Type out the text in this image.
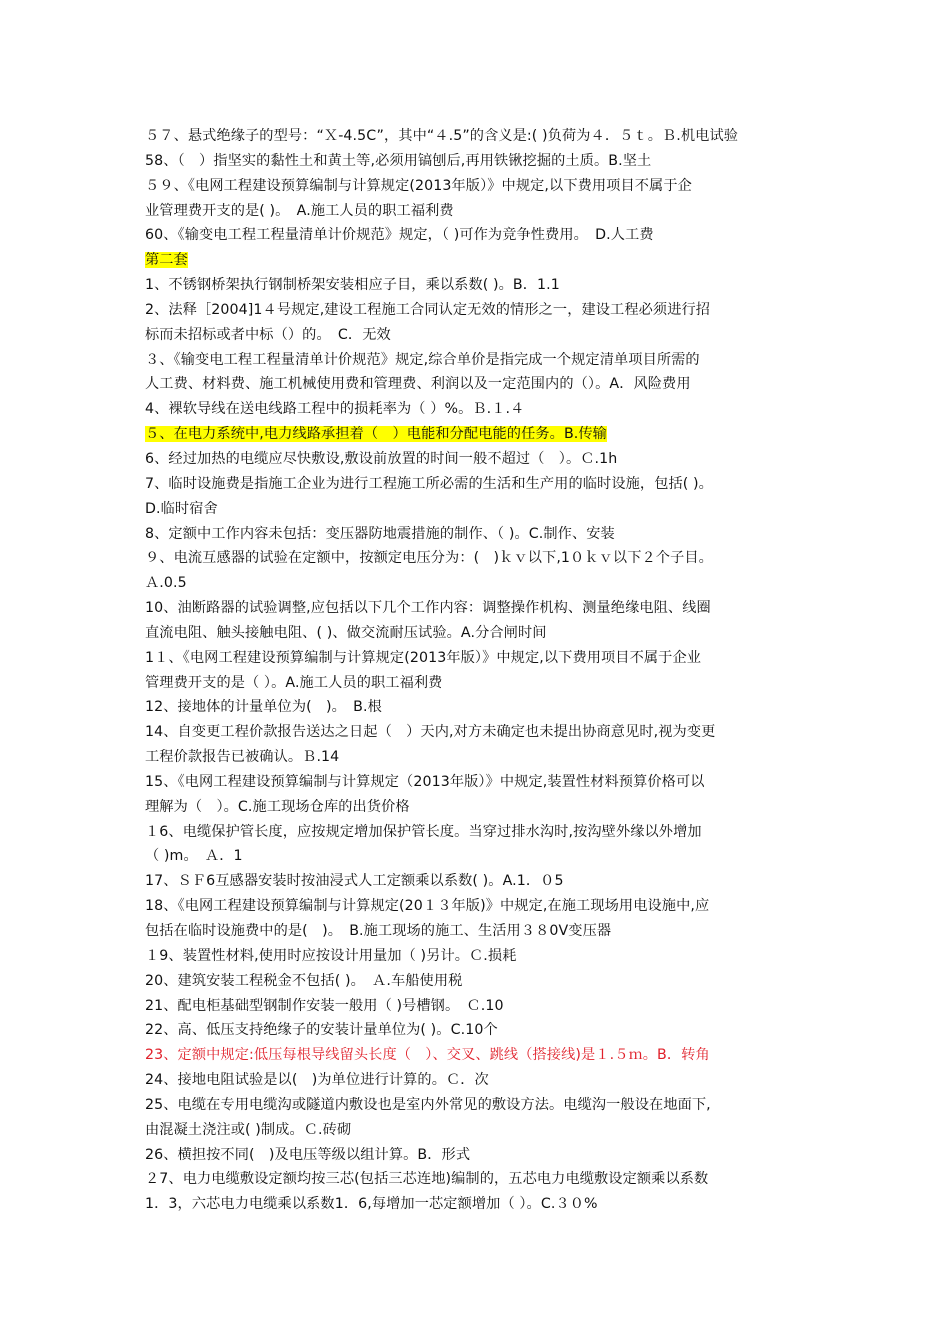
５７、悬式绝缘子的型号：“Ｘ-4.5C”，其中“４.5”的含义是:( )负荷为４．５ｔ。Ｂ.机电试验
58、（　）指坚实的黏性土和黄土等,必须用镐刨后,再用铁锹挖掘的土质。B.坚土
５９、《电网工程建设预算编制与计算规定(2013年版）》中规定,以下费用项目不属于企
业管理费开支的是( )。　A.施工人员的职工福利费
60、《输变电工程工程量清单计价规范》规定，（ )可作为竞争性费用。　D.人工费
第二套
1、不锈钢桥架执行钢制桥架安装相应子目，乘以系数( )。B．1.1
2、法释［2004]1４号规定,建设工程施工合同认定无效的情形之一，建设工程必须进行招
标而未招标或者中标（）的。　C．无效
３、《输变电工程工程量清单计价规范》规定,综合单价是指完成一个规定清单项目所需的
人工费、材料费、施工机械使用费和管理费、利润以及一定范围内的（）。A．风险费用
4、裸软导线在送电线路工程中的损耗率为（ ）%。Ｂ.１.４
５、在电力系统中,电力线路承担着（　）电能和分配电能的任务。B.传输
6、经过加热的电缆应尽快敷设,敷设前放置的时间一般不超过（　）。Ｃ.1h
7、临时设施费是指施工企业为进行工程施工所必需的生活和生产用的临时设施，包括( )。
D.临时宿舍
8、定额中工作内容未包括：变压器防地震措施的制作、（ )。C.制作、安装
９、电流互感器的试验在定额中，按额定电压分为：(　)ｋｖ以下,1０ｋｖ以下２个子目。
Ａ.0.5
10、油断路器的试验调整,应包括以下几个工作内容：调整操作机构、测量绝缘电阻、线圈
直流电阻、触头接触电阻、( )、做交流耐压试验。A.分合闸时间
1１、《电网工程建设预算编制与计算规定(2013年版）》中规定,以下费用项目不属于企业
管理费开支的是（ ）。A.施工人员的职工福利费
12、接地体的计量单位为(　)。　B.根
14、自变更工程价款报告送达之日起（　）天内,对方未确定也未提出协商意见时,视为变更
工程价款报告已被确认。Ｂ.14
15、《电网工程建设预算编制与计算规定（2013年版）》中规定,装置性材料预算价格可以
理解为（　）。C.施工现场仓库的出货价格
１6、电缆保护管长度，应按规定增加保护管长度。当穿过排水沟时,按沟壁外缘以外增加
（ )m。　Ａ．1
17、ＳＦ6互感器安装时按油浸式人工定额乘以系数( )。A.1．０5
18、《电网工程建设预算编制与计算规定(20１３年版)》中规定,在施工现场用电设施中,应
包括在临时设施费中的是(　)。　B.施工现场的施工、生活用３８0V变压器
１9、装置性材料,使用时应按设计用量加（ )另计。Ｃ.损耗
20、建筑安装工程税金不包括( )。　Ａ.车船使用税
21、配电柜基础型钢制作安装一般用（ )号槽钢。　Ｃ.10
22、高、低压支持绝缘子的安装计量单位为( )。C.10个
23、定额中规定:低压每根导线留头长度（　）、交叉、跳线（搭接线)是１.５ｍ。B．转角
24、接地电阻试验是以(　)为单位进行计算的。Ｃ．次
25、电缆在专用电缆沟或隧道内敷设也是室内外常见的敷设方法。电缆沟一般设在地面下,
由混凝土浇注或( )制成。Ｃ.砖砌
26、横担按不同(　)及电压等级以组计算。B．形式
２7、电力电缆敷设定额均按三芯(包括三芯连地)编制的，五芯电力电缆敷设定额乘以系数
1．3，六芯电力电缆乘以系数1．6,每增加一芯定额增加（ ）。C.３０%
